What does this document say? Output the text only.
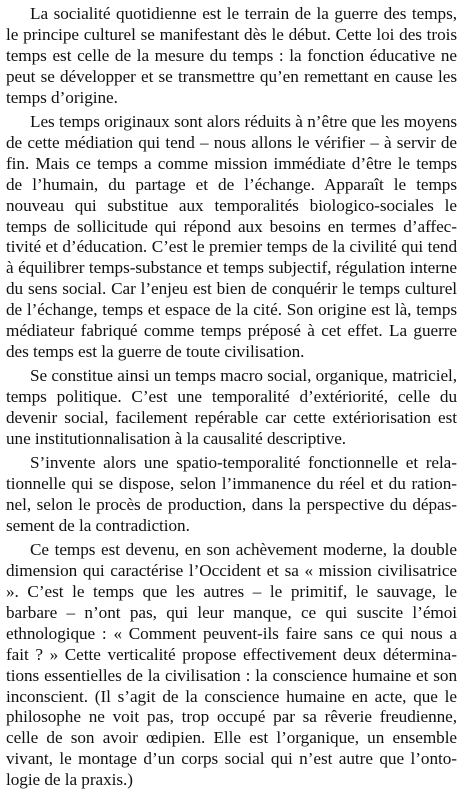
La socialité quotidienne est le terrain de la guerre des temps, le principe culturel se manifestant dès le début. Cette loi des trois temps est celle de la mesure du temps : la fonction éducative ne peut se développer et se transmettre qu’en remettant en cause les temps d’origine.

Les temps originaux sont alors réduits à n’être que les moyens de cette médiation qui tend – nous allons le vérifier – à servir de fin. Mais ce temps a comme mission immédiate d’être le temps de l’humain, du partage et de l’échange. Apparaît le temps nouveau qui substitue aux temporalités biologico-sociales le temps de sollicitude qui répond aux besoins en termes d’affectivité et d’éducation. C’est le premier temps de la civilité qui tend à équilibrer temps-substance et temps subjectif, régulation interne du sens social. Car l’enjeu est bien de conquérir le temps culturel de l’échange, temps et espace de la cité. Son origine est là, temps médiateur fabriqué comme temps préposé à cet effet. La guerre des temps est la guerre de toute civilisation.

Se constitue ainsi un temps macro social, organique, matriciel, temps politique. C’est une temporalité d’extériorité, celle du devenir social, facilement repérable car cette extériorisation est une institutionnalisation à la causalité descriptive.

S’invente alors une spatio-temporalité fonctionnelle et relationnelle qui se dispose, selon l’immanence du réel et du rationnel, selon le procès de production, dans la perspective du dépassement de la contradiction.

Ce temps est devenu, en son achèvement moderne, la double dimension qui caractérise l’Occident et sa « mission civilisatrice ». C’est le temps que les autres – le primitif, le sauvage, le barbare – n’ont pas, qui leur manque, ce qui suscite l’émoi ethnologique : « Comment peuvent-ils faire sans ce qui nous a fait ? » Cette verticalité propose effectivement deux déterminations essentielles de la civilisation : la conscience humaine et son inconscient. (Il s’agit de la conscience humaine en acte, que le philosophe ne voit pas, trop occupé par sa rêverie freudienne, celle de son avoir œdipien. Elle est l’organique, un ensemble vivant, le montage d’un corps social qui n’est autre que l’ontologie de la praxis.)
